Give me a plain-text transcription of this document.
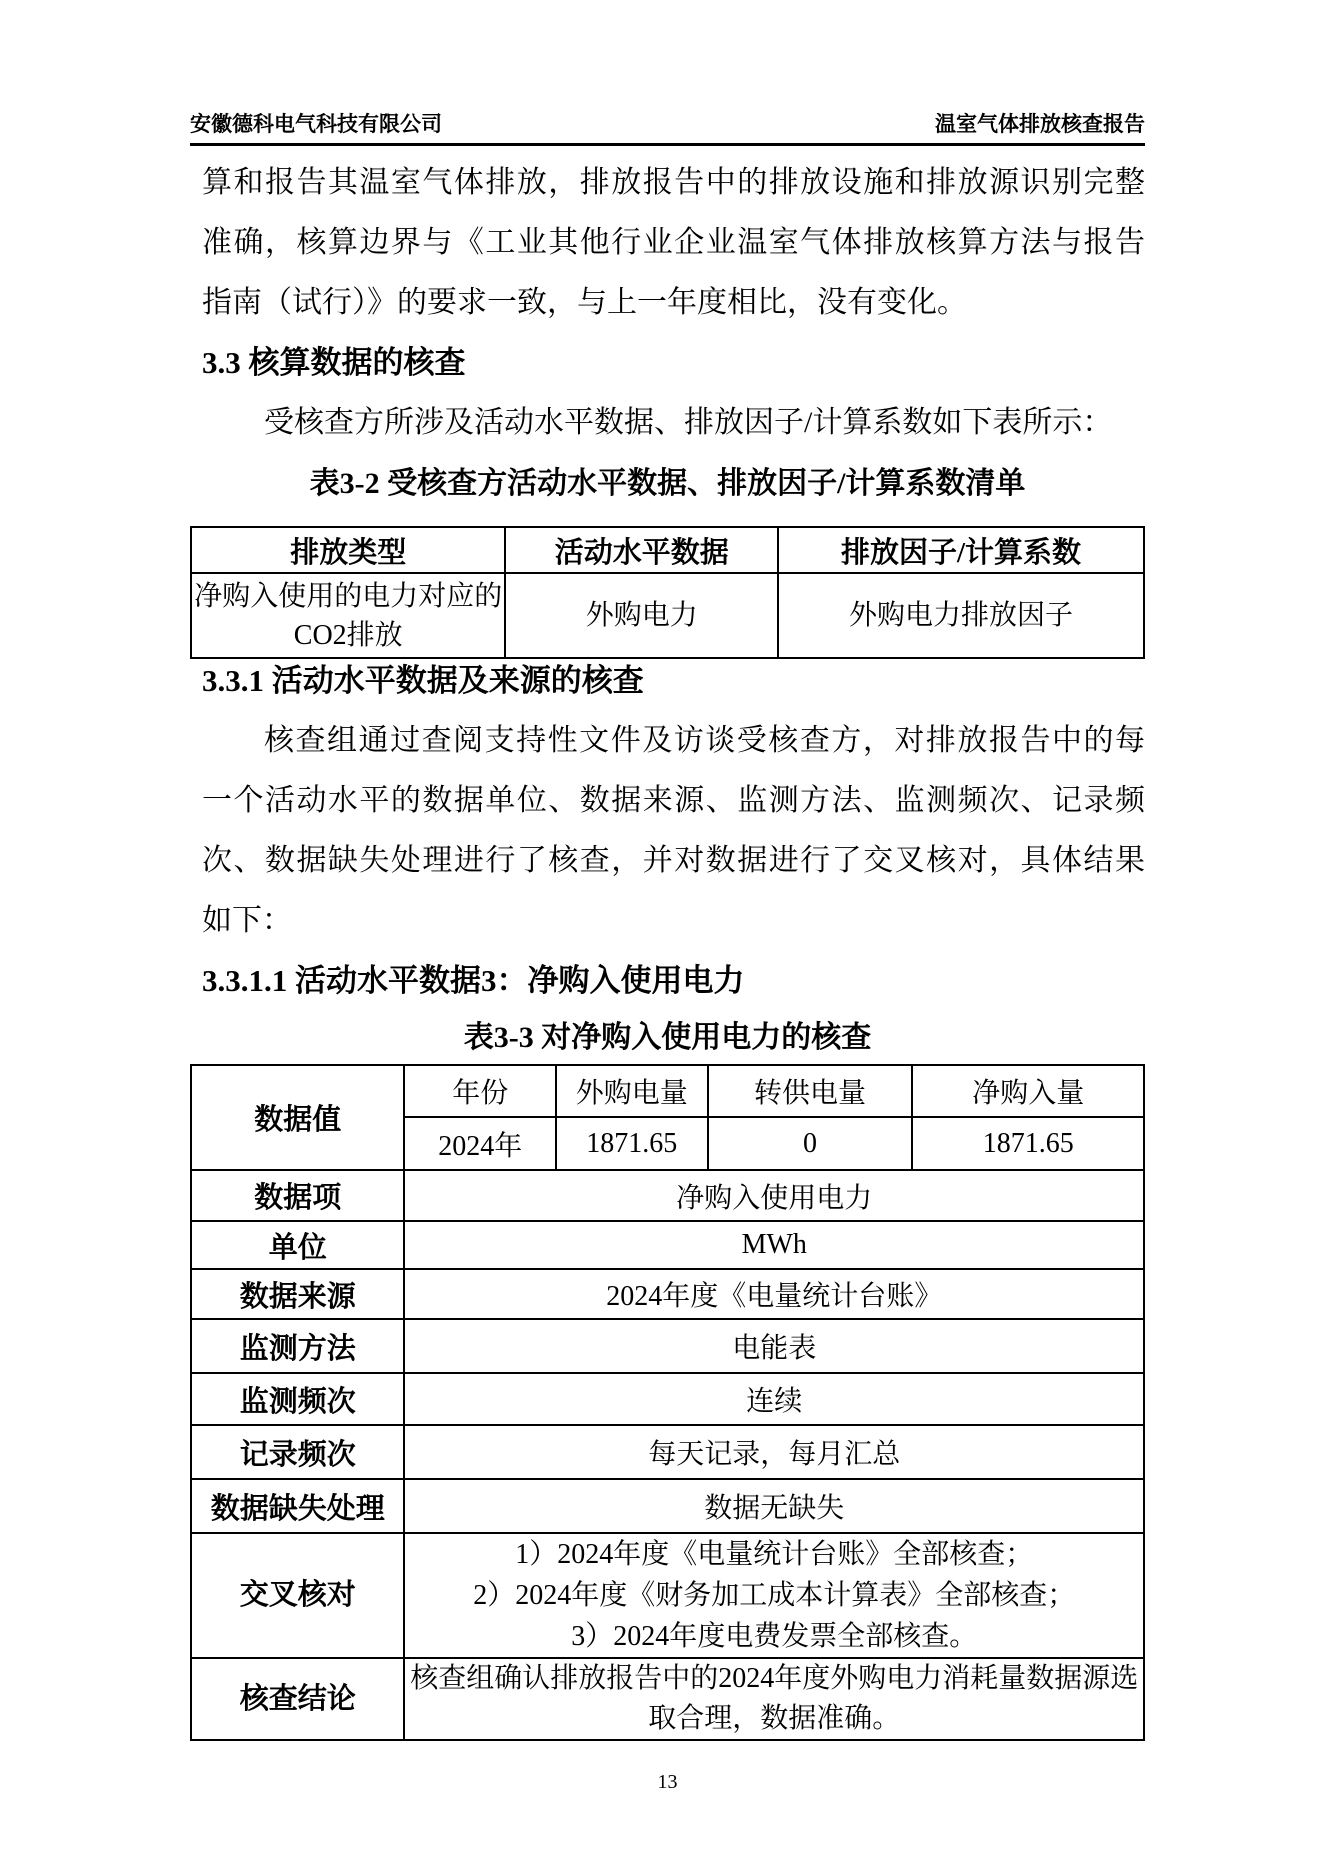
安徽德科电气科技有限公司	温室气体排放核查报告
算和报告其温室气体排放，排放报告中的排放设施和排放源识别完整
准确，核算边界与《工业其他行业企业温室气体排放核算方法与报告
指南（试行）》的要求一致，与上一年度相比，没有变化。
3.3 核算数据的核查
受核查方所涉及活动水平数据、排放因子/计算系数如下表所示：
表3-2 受核查方活动水平数据、排放因子/计算系数清单
排放类型	活动水平数据	排放因子/计算系数
净购入使用的电力对应的CO2排放	外购电力	外购电力排放因子
3.3.1 活动水平数据及来源的核查
核查组通过查阅支持性文件及访谈受核查方，对排放报告中的每
一个活动水平的数据单位、数据来源、监测方法、监测频次、记录频
次、数据缺失处理进行了核查，并对数据进行了交叉核对，具体结果
如下：
3.3.1.1 活动水平数据3：净购入使用电力
表3-3 对净购入使用电力的核查
数据值	年份	外购电量	转供电量	净购入量
	2024年	1871.65	0	1871.65
数据项	净购入使用电力			
单位	MWh			
数据来源	2024年度《电量统计台账》			
监测方法	电能表			
监测频次	连续			
记录频次	每天记录，每月汇总			
数据缺失处理	数据无缺失			
交叉核对	1）2024年度《电量统计台账》全部核查；
2）2024年度《财务加工成本计算表》全部核查；
3）2024年度电费发票全部核查。			

核查结论	核查组确认排放报告中的2024年度外购电力消耗量数据源选取合理，数据准确。			
13
